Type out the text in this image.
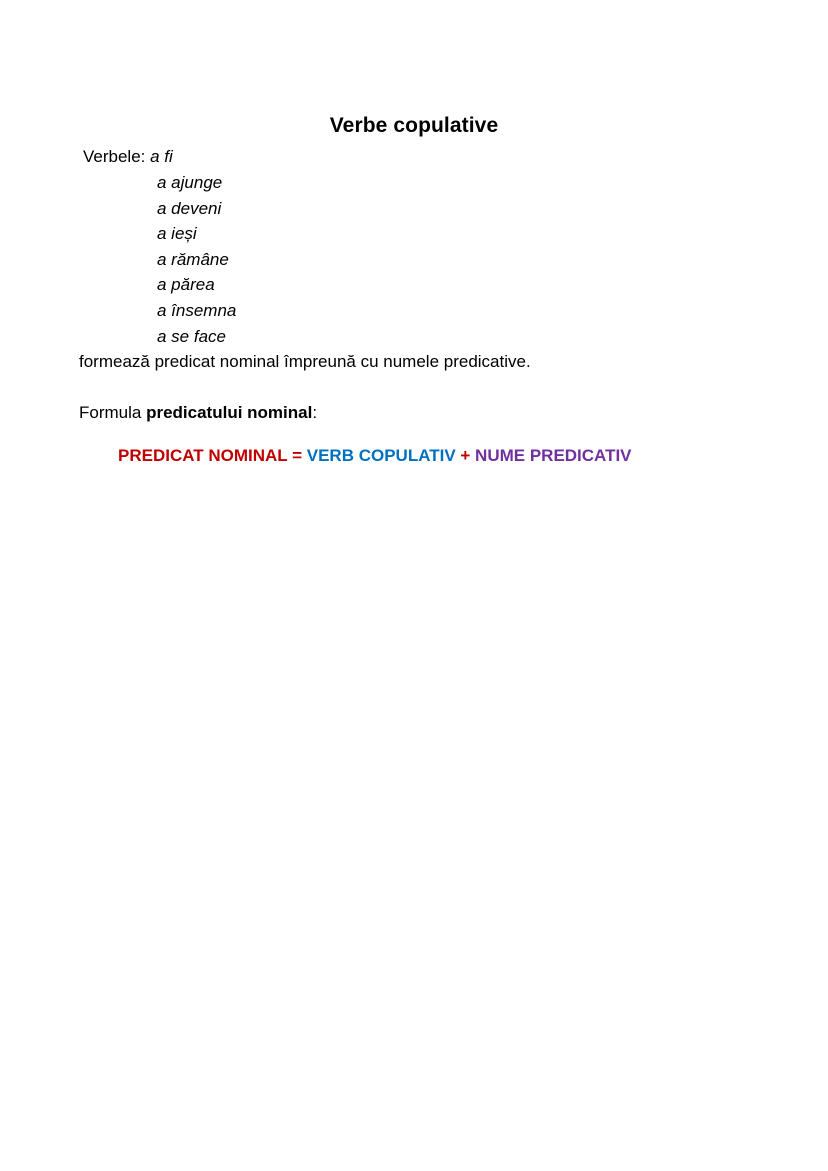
Verbe copulative
Verbele: a fi
a ajunge
a deveni
a ieși
a rămâne
a părea
a însemna
a se face
formează predicat nominal împreună cu numele predicative.
Formula predicatului nominal:
PREDICAT NOMINAL = VERB COPULATIV + NUME PREDICATIV
